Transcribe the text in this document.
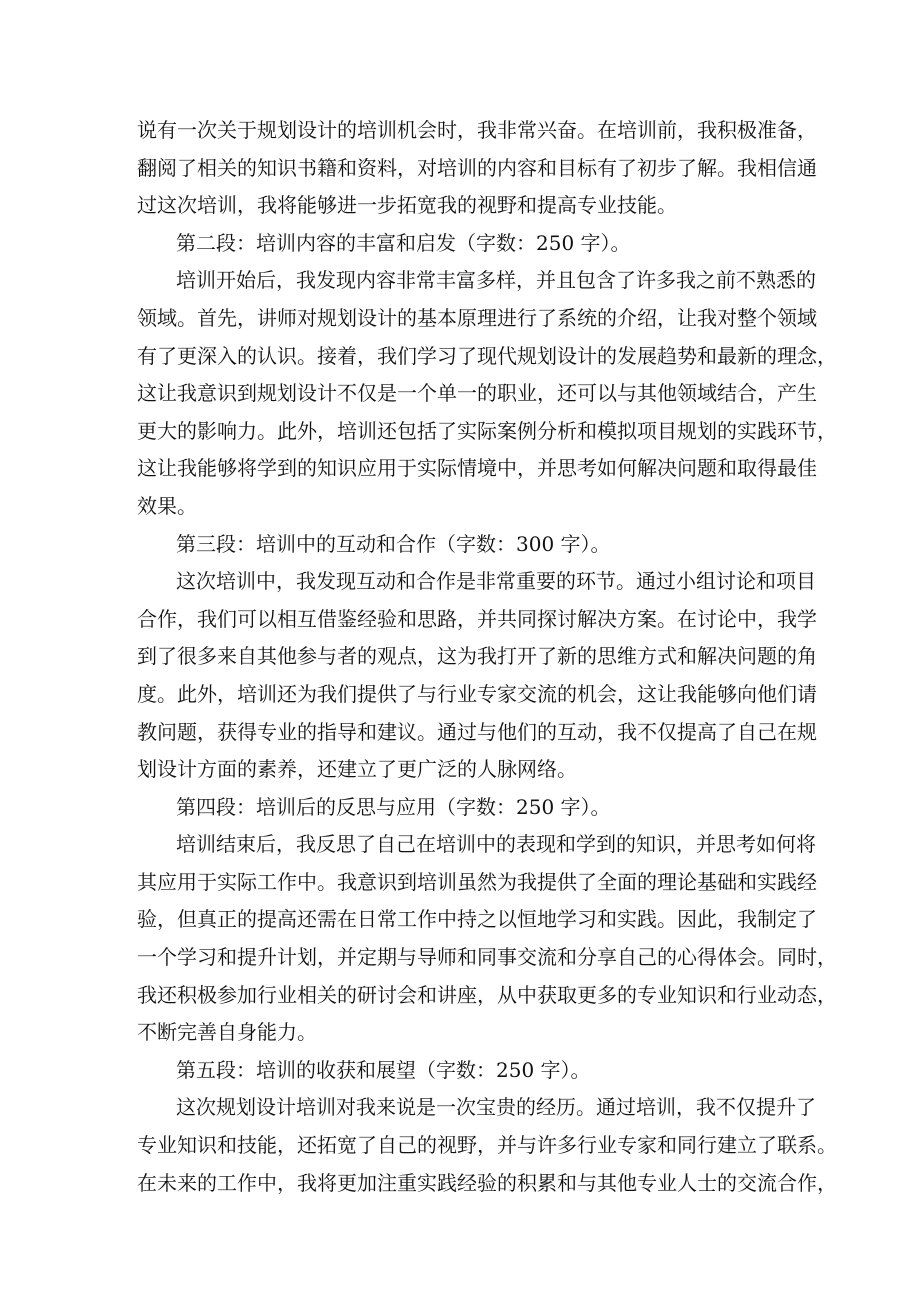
说有一次关于规划设计的培训机会时，我非常兴奋。在培训前，我积极准备，
翻阅了相关的知识书籍和资料，对培训的内容和目标有了初步了解。我相信通
过这次培训，我将能够进一步拓宽我的视野和提高专业技能。
第二段：培训内容的丰富和启发（字数：250 字）。
培训开始后，我发现内容非常丰富多样，并且包含了许多我之前不熟悉的
领域。首先，讲师对规划设计的基本原理进行了系统的介绍，让我对整个领域
有了更深入的认识。接着，我们学习了现代规划设计的发展趋势和最新的理念，
这让我意识到规划设计不仅是一个单一的职业，还可以与其他领域结合，产生
更大的影响力。此外，培训还包括了实际案例分析和模拟项目规划的实践环节，
这让我能够将学到的知识应用于实际情境中，并思考如何解决问题和取得最佳
效果。
第三段：培训中的互动和合作（字数：300 字）。
这次培训中，我发现互动和合作是非常重要的环节。通过小组讨论和项目
合作，我们可以相互借鉴经验和思路，并共同探讨解决方案。在讨论中，我学
到了很多来自其他参与者的观点，这为我打开了新的思维方式和解决问题的角
度。此外，培训还为我们提供了与行业专家交流的机会，这让我能够向他们请
教问题，获得专业的指导和建议。通过与他们的互动，我不仅提高了自己在规
划设计方面的素养，还建立了更广泛的人脉网络。
第四段：培训后的反思与应用（字数：250 字）。
培训结束后，我反思了自己在培训中的表现和学到的知识，并思考如何将
其应用于实际工作中。我意识到培训虽然为我提供了全面的理论基础和实践经
验，但真正的提高还需在日常工作中持之以恒地学习和实践。因此，我制定了
一个学习和提升计划，并定期与导师和同事交流和分享自己的心得体会。同时，
我还积极参加行业相关的研讨会和讲座，从中获取更多的专业知识和行业动态，
不断完善自身能力。
第五段：培训的收获和展望（字数：250 字）。
这次规划设计培训对我来说是一次宝贵的经历。通过培训，我不仅提升了
专业知识和技能，还拓宽了自己的视野，并与许多行业专家和同行建立了联系。
在未来的工作中，我将更加注重实践经验的积累和与其他专业人士的交流合作，
